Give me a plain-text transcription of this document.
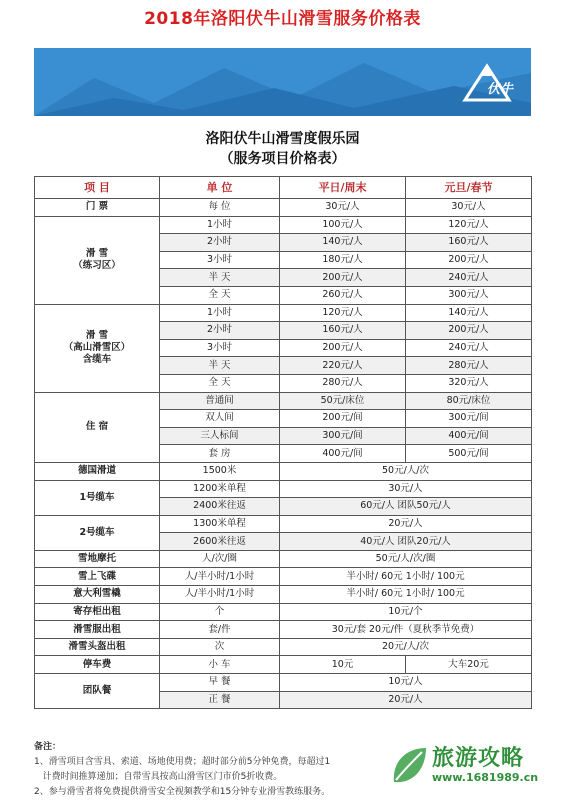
2018年洛阳伏牛山滑雪服务价格表
伏牛
洛阳伏牛山滑雪度假乐园
（服务项目价格表）
项 目	单 位	平日/周末	元旦/春节
门 票	每 位	30元/人	30元/人
滑 雪
（练习区）	1小时	100元/人	120元/人
	2小时	140元/人	160元/人
	3小时	180元/人	200元/人
	半 天	200元/人	240元/人
	全 天	260元/人	300元/人
滑 雪
（高山滑雪区）
含缆车	1小时	120元/人	140元/人
	2小时	160元/人	200元/人
	3小时	200元/人	240元/人
	半 天	220元/人	280元/人
	全 天	280元/人	320元/人
住 宿	普通间	50元/床位	80元/床位
	双人间	200元/间	300元/间
	三人标间	300元/间	400元/间
	套 房	400元/间	500元/间
德国滑道	1500米	50元/人/次	
1号缆车	1200米单程	30元/人	
	2400米往返	60元/人 团队50元/人	
2号缆车	1300米单程	20元/人	
	2600米往返	40元/人 团队20元/人	
雪地摩托	人/次/圈	50元/人/次/圈	
雪上飞碟	人/半小时/1小时	半小时/ 60元 1小时/ 100元	
意大利雪橇	人/半小时/1小时	半小时/ 60元 1小时/ 100元	
寄存柜出租	个	10元/个	
滑雪服出租	套/件	30元/套 20元/件（夏秋季节免费）	
滑雪头盔出租	次	20元/人/次	
停车费	小 车	10元	大车20元
团队餐	早 餐	10元/人	
	正 餐	20元/人	
备注：
1、滑雪项目含雪具、索道、场地使用费；超时部分前5分钟免费，每超过1
计费时间推算递加；自带雪具按高山滑雪区门市价5折收费。
2、参与滑雪者将免费提供滑雪安全视频教学和15分钟专业滑雪教练服务。
旅游攻略
www.1681989.cn
